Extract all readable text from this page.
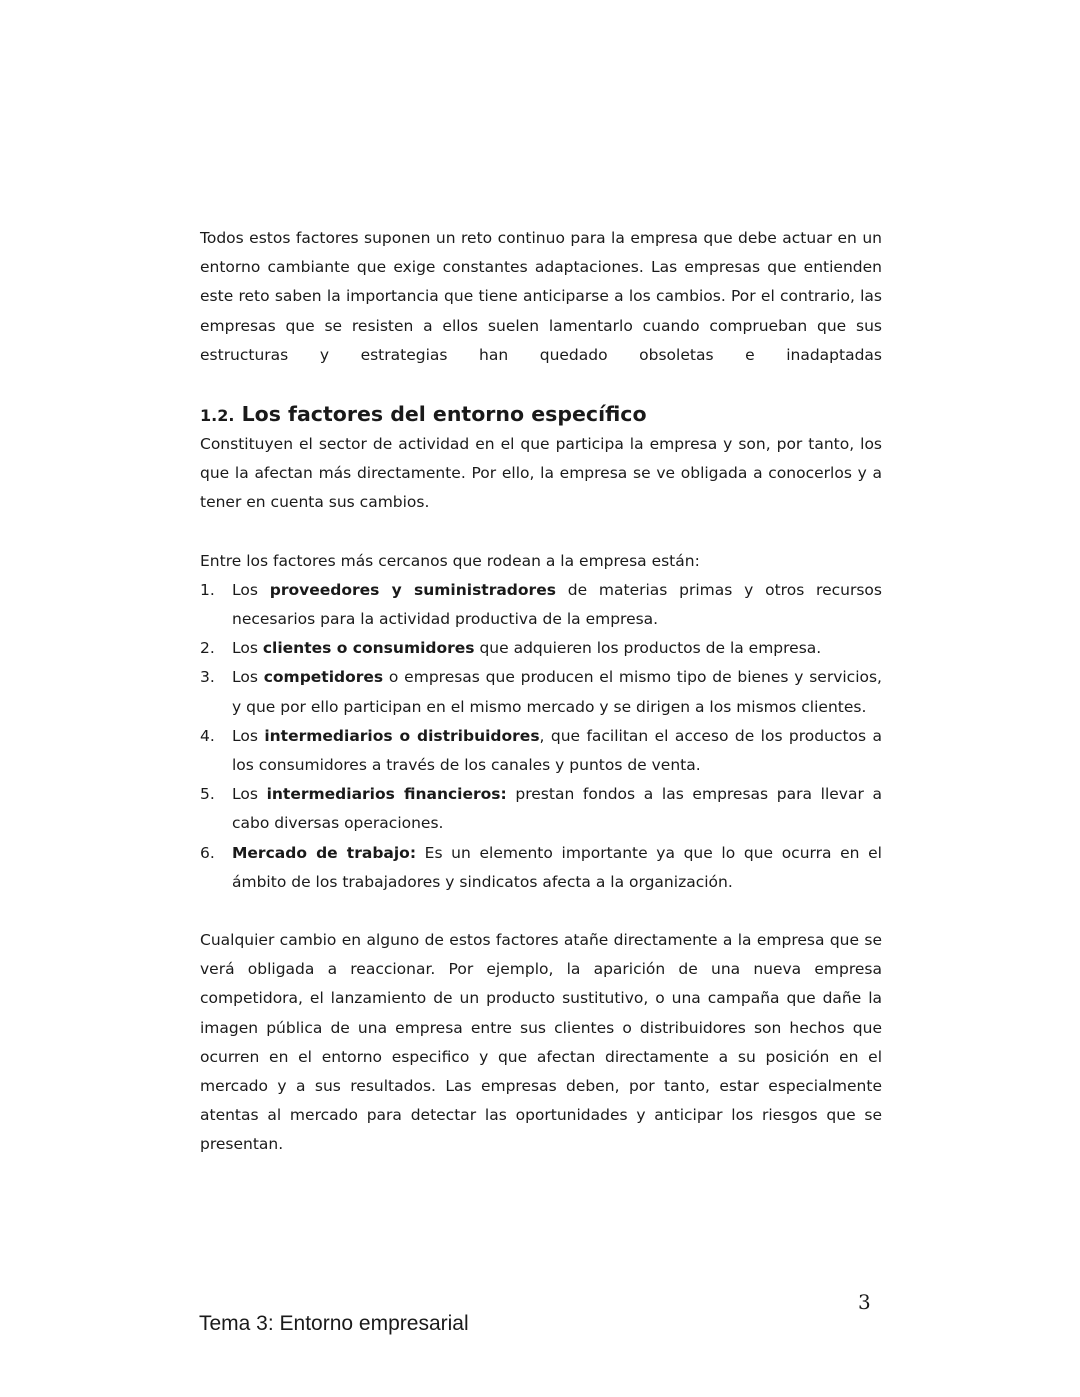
Todos estos factores suponen un reto continuo para la empresa que debe actuar en un entorno cambiante que exige constantes adaptaciones. Las empresas que entienden este reto saben la importancia que tiene anticiparse a los cambios. Por el contrario, las empresas que se resisten a ellos suelen lamentarlo cuando comprueban que sus estructuras y estrategias han quedado obsoletas e inadaptadas

1.2. Los factores del entorno específico

Constituyen el sector de actividad en el que participa la empresa y son, por tanto, los que la afectan más directamente. Por ello, la empresa se ve obligada a conocerlos y a tener en cuenta sus cambios.

Entre los factores más cercanos que rodean a la empresa están:

1. Los proveedores y suministradores de materias primas y otros recursos necesarios para la actividad productiva de la empresa.
2. Los clientes o consumidores que adquieren los productos de la empresa.
3. Los competidores o empresas que producen el mismo tipo de bienes y servicios, y que por ello participan en el mismo mercado y se dirigen a los mismos clientes.
4. Los intermediarios o distribuidores, que facilitan el acceso de los productos a los consumidores a través de los canales y puntos de venta.
5. Los intermediarios financieros: prestan fondos a las empresas para llevar a cabo diversas operaciones.
6. Mercado de trabajo: Es un elemento importante ya que lo que ocurra en el ámbito de los trabajadores y sindicatos afecta a la organización.

Cualquier cambio en alguno de estos factores atañe directamente a la empresa que se verá obligada a reaccionar. Por ejemplo, la aparición de una nueva empresa competidora, el lanzamiento de un producto sustitutivo, o una campaña que dañe la imagen pública de una empresa entre sus clientes o distribuidores son hechos que ocurren en el entorno especifico y que afectan directamente a su posición en el mercado y a sus resultados. Las empresas deben, por tanto, estar especialmente atentas al mercado para detectar las oportunidades y anticipar los riesgos que se presentan.

3
Tema 3: Entorno empresarial
